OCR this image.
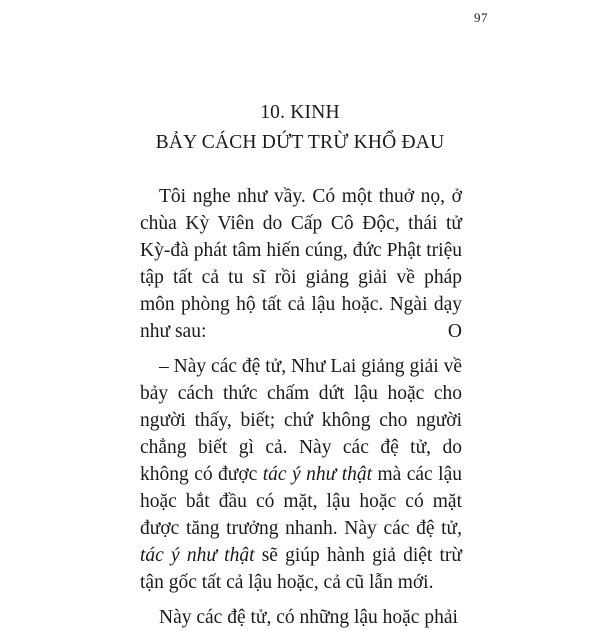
97
10. KINH
BẢY CÁCH DỨT TRỪ KHỔ ĐAU

Tôi nghe như vầy. Có một thuở nọ, ở chùa Kỳ Viên do Cấp Cô Độc, thái tử Kỳ-đà phát tâm hiến cúng, đức Phật triệu tập tất cả tu sĩ rồi giảng giải về pháp môn phòng hộ tất cả lậu hoặc. Ngài dạy như sau:	O

– Này các đệ tử, Như Lai giảng giải về bảy cách thức chấm dứt lậu hoặc cho người thấy, biết; chứ không cho người chẳng biết gì cả. Này các đệ tử, do không có được tác ý như thật mà các lậu hoặc bắt đầu có mặt, lậu hoặc có mặt được tăng trưởng nhanh. Này các đệ tử, tác ý như thật sẽ giúp hành giả diệt trừ tận gốc tất cả lậu hoặc, cả cũ lẫn mới.

Này các đệ tử, có những lậu hoặc phải
